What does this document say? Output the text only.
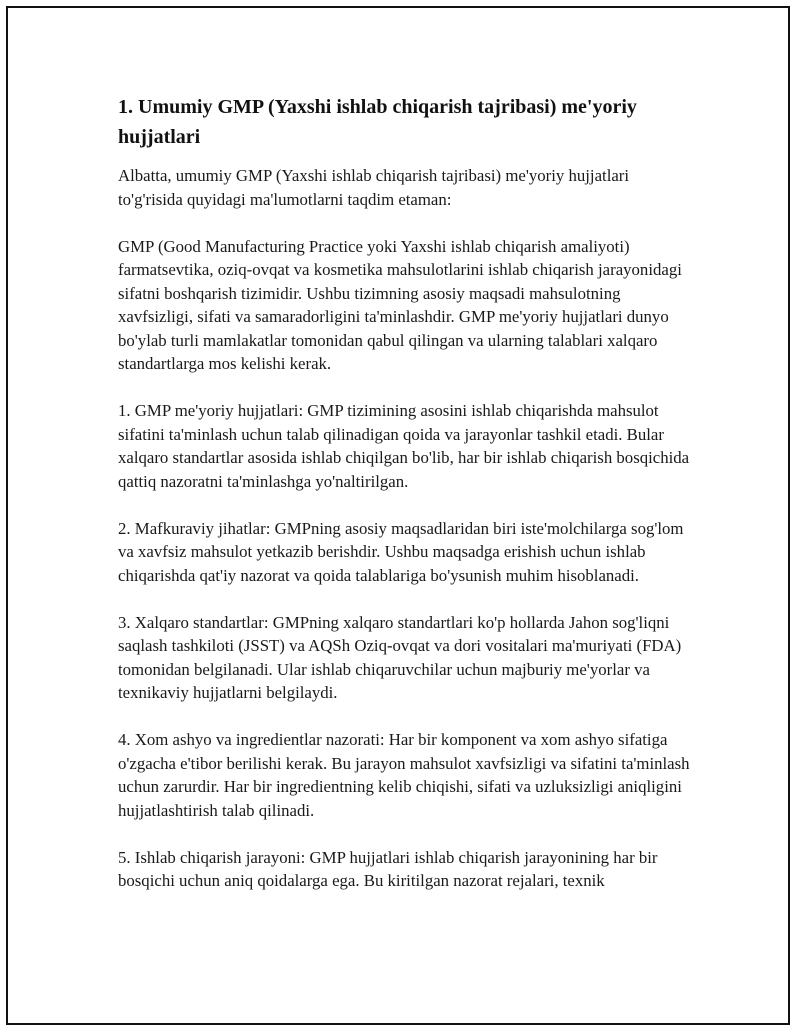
1. Umumiy GMP (Yaxshi ishlab chiqarish tajribasi) me'yoriy hujjatlari

Albatta, umumiy GMP (Yaxshi ishlab chiqarish tajribasi) me'yoriy hujjatlari to'g'risida quyidagi ma'lumotlarni taqdim etaman:

GMP (Good Manufacturing Practice yoki Yaxshi ishlab chiqarish amaliyoti) farmatsevtika, oziq-ovqat va kosmetika mahsulotlarini ishlab chiqarish jarayonidagi sifatni boshqarish tizimidir. Ushbu tizimning asosiy maqsadi mahsulotning xavfsizligi, sifati va samaradorligini ta'minlashdir. GMP me'yoriy hujjatlari dunyo bo'ylab turli mamlakatlar tomonidan qabul qilingan va ularning talablari xalqaro standartlarga mos kelishi kerak.

1. GMP me'yoriy hujjatlari: GMP tizimining asosini ishlab chiqarishda mahsulot sifatini ta'minlash uchun talab qilinadigan qoida va jarayonlar tashkil etadi. Bular xalqaro standartlar asosida ishlab chiqilgan bo'lib, har bir ishlab chiqarish bosqichida qattiq nazoratni ta'minlashga yo'naltirilgan.

2. Mafkuraviy jihatlar: GMPning asosiy maqsadlaridan biri iste'molchilarga sog'lom va xavfsiz mahsulot yetkazib berishdir. Ushbu maqsadga erishish uchun ishlab chiqarishda qat'iy nazorat va qoida talablariga bo'ysunish muhim hisoblanadi.

3. Xalqaro standartlar: GMPning xalqaro standartlari ko'p hollarda Jahon sog'liqni saqlash tashkiloti (JSST) va AQSh Oziq-ovqat va dori vositalari ma'muriyati (FDA) tomonidan belgilanadi. Ular ishlab chiqaruvchilar uchun majburiy me'yorlar va texnikaviy hujjatlarni belgilaydi.

4. Xom ashyo va ingredientlar nazorati: Har bir komponent va xom ashyo sifatiga o'zgacha e'tibor berilishi kerak. Bu jarayon mahsulot xavfsizligi va sifatini ta'minlash uchun zarurdir. Har bir ingredientning kelib chiqishi, sifati va uzluksizligi aniqligini hujjatlashtirish talab qilinadi.

5. Ishlab chiqarish jarayoni: GMP hujjatlari ishlab chiqarish jarayonining har bir bosqichi uchun aniq qoidalarga ega. Bu kiritilgan nazorat rejalari, texnik
